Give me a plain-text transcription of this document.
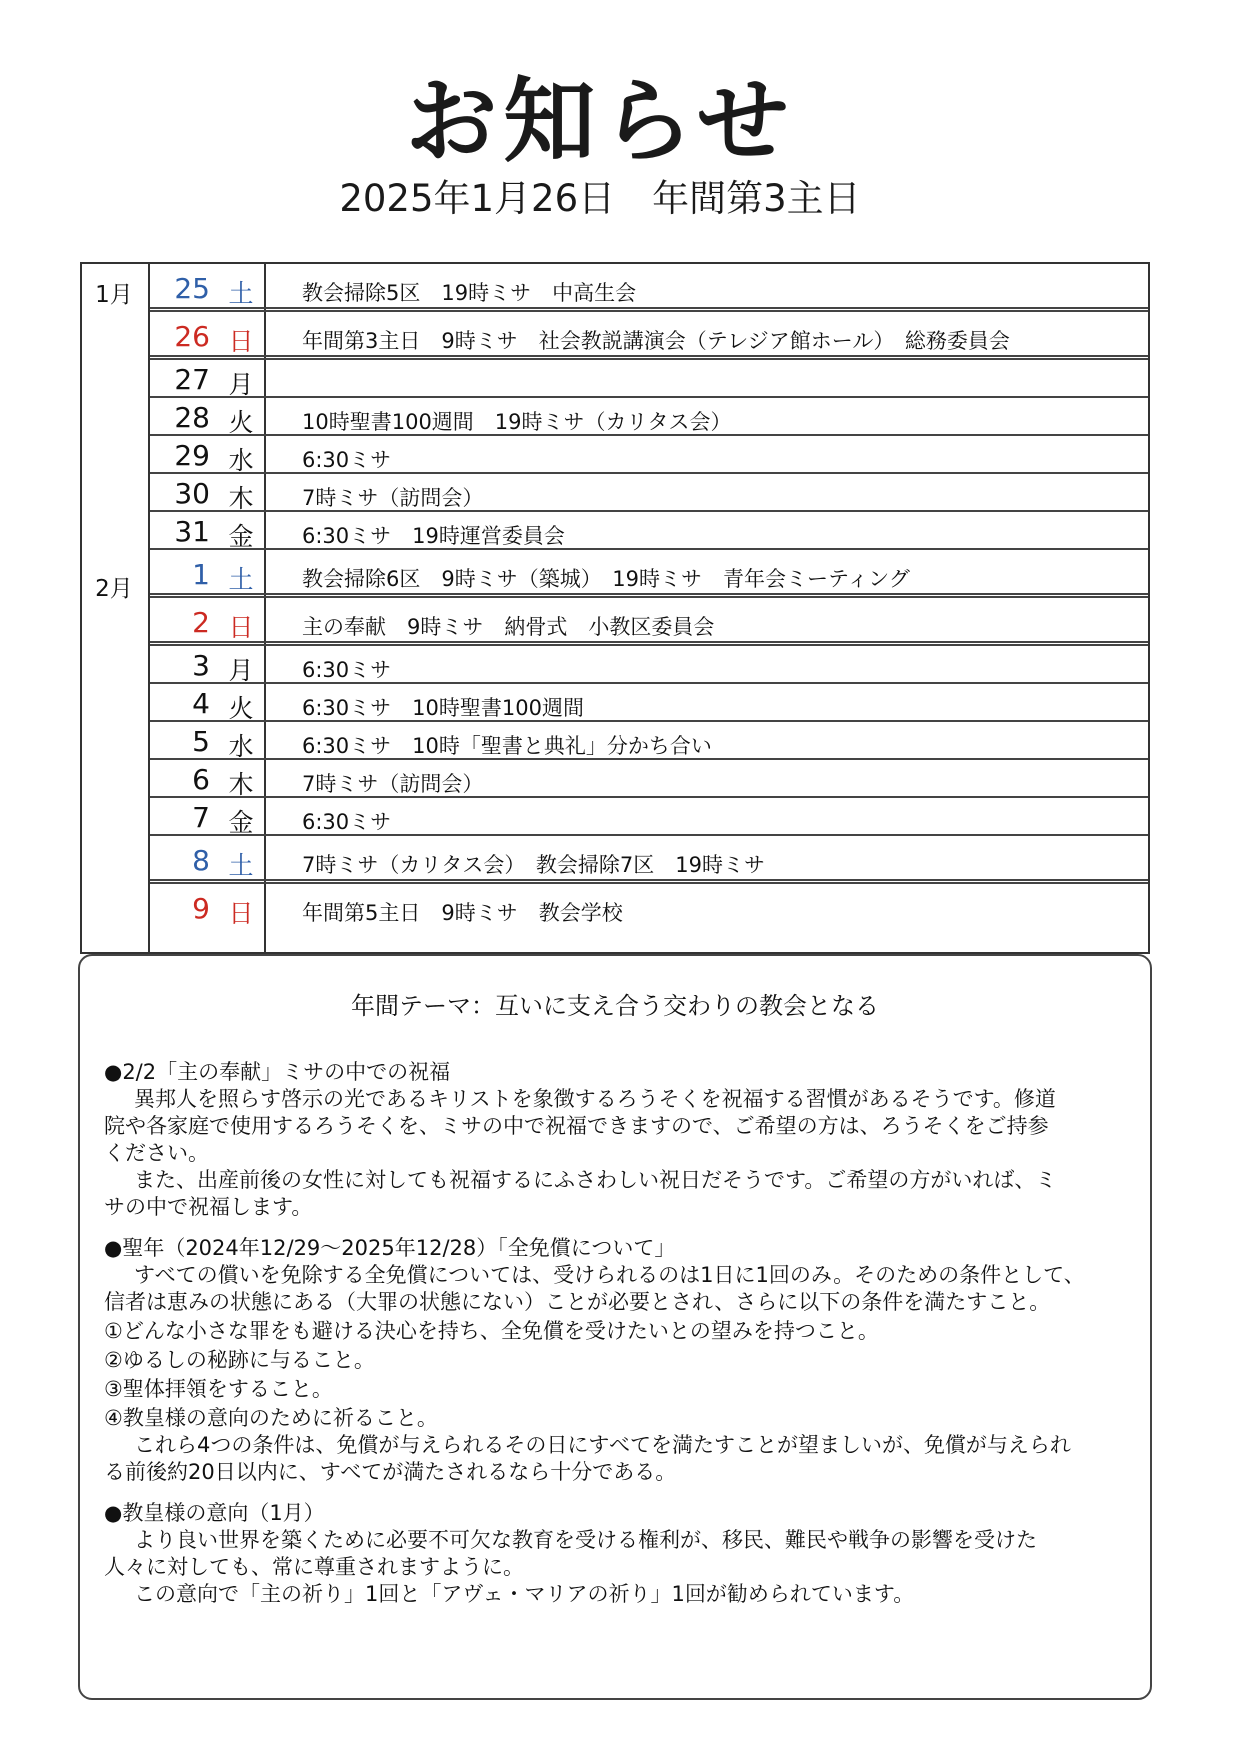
お知らせ
2025年1月26日　年間第3主日
1月
2月
25 土	教会掃除5区　19時ミサ　中高生会
26 日	年間第3主日　9時ミサ　社会教説講演会（テレジア館ホール）　総務委員会
27 月
28 火	10時聖書100週間　19時ミサ（カリタス会）
29 水	6:30ミサ
30 木	7時ミサ（訪問会）
31 金	6:30ミサ　19時運営委員会
1 土	教会掃除6区　9時ミサ（築城）　19時ミサ　青年会ミーティング
2 日	主の奉献　9時ミサ　納骨式　小教区委員会
3 月	6:30ミサ
4 火	6:30ミサ　10時聖書100週間
5 水	6:30ミサ　10時「聖書と典礼」分かち合い
6 木	7時ミサ（訪問会）
7 金	6:30ミサ
8 土	7時ミサ（カリタス会）　教会掃除7区　19時ミサ
9 日	年間第5主日　9時ミサ　教会学校
年間テーマ：互いに支え合う交わりの教会となる
●2/2「主の奉献」ミサの中での祝福
異邦人を照らす啓示の光であるキリストを象徴するろうそくを祝福する習慣があるそうです。修道
院や各家庭で使用するろうそくを、ミサの中で祝福できますので、ご希望の方は、ろうそくをご持参
ください。
また、出産前後の女性に対しても祝福するにふさわしい祝日だそうです。ご希望の方がいれば、ミ
サの中で祝福します。
●聖年（2024年12/29～2025年12/28）「全免償について」
すべての償いを免除する全免償については、受けられるのは1日に1回のみ。そのための条件として、
信者は恵みの状態にある（大罪の状態にない）ことが必要とされ、さらに以下の条件を満たすこと。
①どんな小さな罪をも避ける決心を持ち、全免償を受けたいとの望みを持つこと。
②ゆるしの秘跡に与ること。
③聖体拝領をすること。
④教皇様の意向のために祈ること。
これら4つの条件は、免償が与えられるその日にすべてを満たすことが望ましいが、免償が与えられ
る前後約20日以内に、すべてが満たされるなら十分である。
●教皇様の意向（1月）
より良い世界を築くために必要不可欠な教育を受ける権利が、移民、難民や戦争の影響を受けた
人々に対しても、常に尊重されますように。
この意向で「主の祈り」1回と「アヴェ・マリアの祈り」1回が勧められています。
